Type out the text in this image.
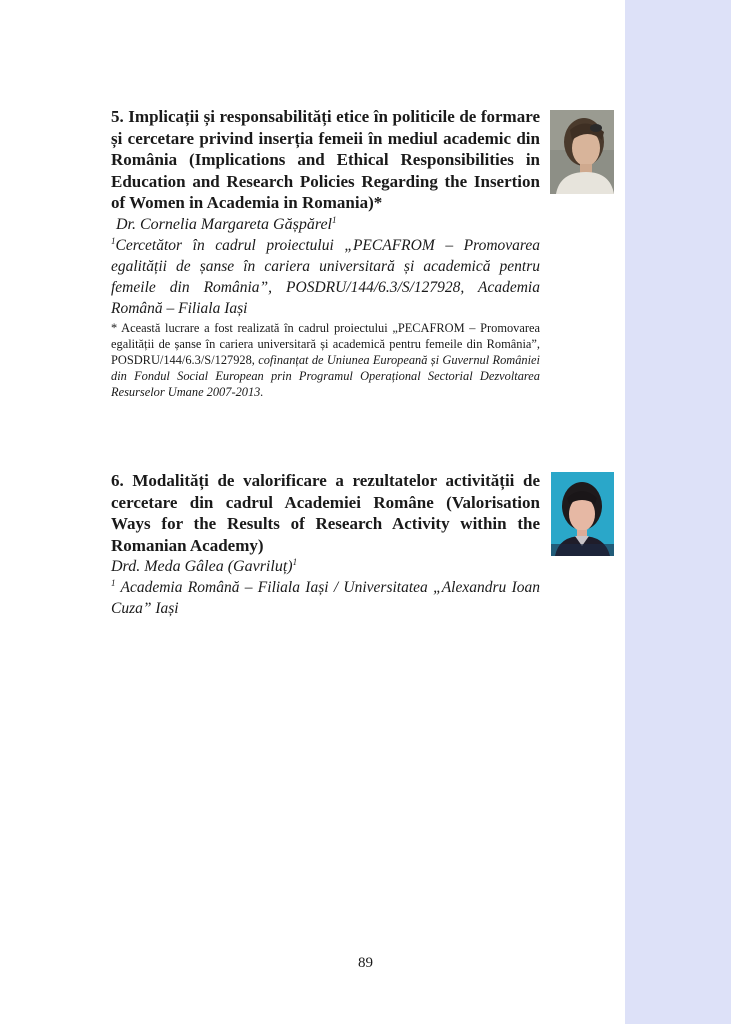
5. Implicații și responsabilități etice în politicile de formare și cercetare privind inserția femeii în mediul academic din România (Implications and Ethical Responsibilities in Education and Research Policies Regarding the Insertion of Women in Academia in Romania)*

Dr. Cornelia Margareta Gășpărel$^1$

$^1$Cercetător în cadrul proiectului „PECAFROM – Promovarea egalității de șanse în cariera universitară și academică pentru femeile din România”, POSDRU/144/6.3/S/127928, Academia Română – Filiala Iași

* Această lucrare a fost realizată în cadrul proiectului „PECAFROM – Promovarea egalității de șanse în cariera universitară și academică pentru femeile din România”, POSDRU/144/6.3/S/127928, cofinanțat de Uniunea Europeană și Guvernul României din Fondul Social European prin Programul Operațional Sectorial Dezvoltarea Resurselor Umane 2007-2013.

6. Modalități de valorificare a rezultatelor activității de cercetare din cadrul Academiei Române (Valorisation Ways for the Results of Research Activity within the Romanian Academy)

Drd. Meda Gâlea (Gavriluț)$^1$

$^1$ Academia Română – Filiala Iași / Universitatea „Alexandru Ioan Cuza” Iași

89
